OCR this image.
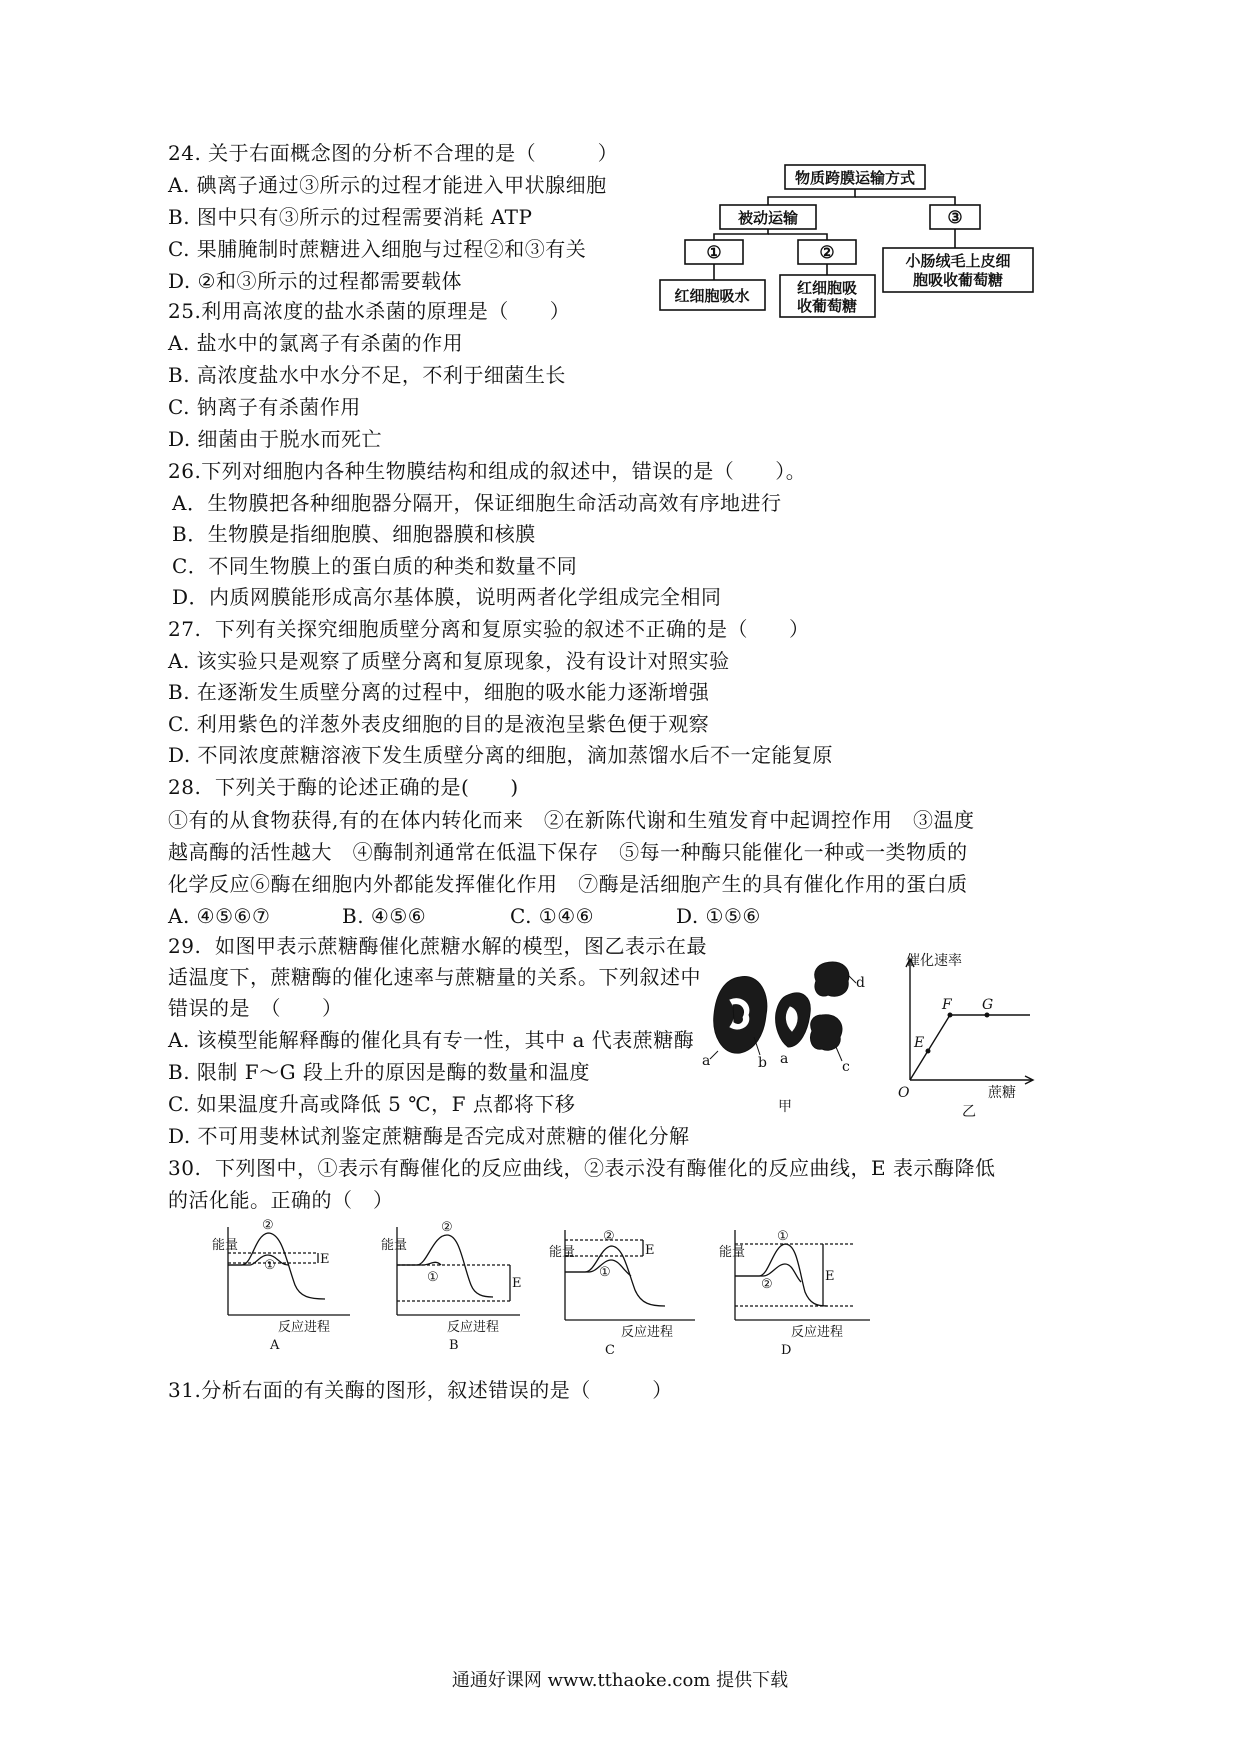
24. 关于右面概念图的分析不合理的是（　　　）
A. 碘离子通过③所示的过程才能进入甲状腺细胞
B. 图中只有③所示的过程需要消耗 ATP
C. 果脯腌制时蔗糖进入细胞与过程②和③有关
D. ②和③所示的过程都需要载体
物质跨膜运输方式
被动运输	③
①	②
红细胞吸水	红细胞吸
收葡萄糖
小肠绒毛上皮细
胞吸收葡萄糖
25.利用高浓度的盐水杀菌的原理是（　　）
A. 盐水中的氯离子有杀菌的作用
B. 高浓度盐水中水分不足，不利于细菌生长
C. 钠离子有杀菌作用
D. 细菌由于脱水而死亡
26.下列对细胞内各种生物膜结构和组成的叙述中，错误的是（　　）。
A．生物膜把各种细胞器分隔开，保证细胞生命活动高效有序地进行
B．生物膜是指细胞膜、细胞器膜和核膜
C．不同生物膜上的蛋白质的种类和数量不同
D．内质网膜能形成高尔基体膜，说明两者化学组成完全相同
27.  下列有关探究细胞质壁分离和复原实验的叙述不正确的是（　　）
A. 该实验只是观察了质壁分离和复原现象，没有设计对照实验
B. 在逐渐发生质壁分离的过程中，细胞的吸水能力逐渐增强
C. 利用紫色的洋葱外表皮细胞的目的是液泡呈紫色便于观察
D. 不同浓度蔗糖溶液下发生质壁分离的细胞，滴加蒸馏水后不一定能复原
28.  下列关于酶的论述正确的是(　　)
①有的从食物获得,有的在体内转化而来   ②在新陈代谢和生殖发育中起调控作用   ③温度
越高酶的活性越大   ④酶制剂通常在低温下保存   ⑤每一种酶只能催化一种或一类物质的
化学反应⑥酶在细胞内外都能发挥催化作用   ⑦酶是活细胞产生的具有催化作用的蛋白质
A. ④⑤⑥⑦	B. ④⑤⑥	C. ①④⑥	D. ①⑤⑥
29.  如图甲表示蔗糖酶催化蔗糖水解的模型，图乙表示在最
适温度下，蔗糖酶的催化速率与蔗糖量的关系。下列叙述中
错误的是　（　　）
A. 该模型能解释酶的催化具有专一性，其中 a 代表蔗糖酶
B. 限制 F～G 段上升的原因是酶的数量和温度
C. 如果温度升高或降低 5 ℃，F 点都将下移
D. 不可用斐林试剂鉴定蔗糖酶是否完成对蔗糖的催化分解
a	b a	c
d
甲
催化速率
蔗糖
O
E
F G
乙
30.  下列图中，①表示有酶催化的反应曲线，②表示没有酶催化的反应曲线，E 表示酶降低
的活化能。正确的（　）
能量
E
②
①
反应进程
A
能量
E
②
①
反应进程
B
能量	E
②
①
反应进程
C
能量
E
①
②
反应进程
D
31.分析右面的有关酶的图形，叙述错误的是（　　　）
通通好课网 www.tthaoke.com 提供下载
